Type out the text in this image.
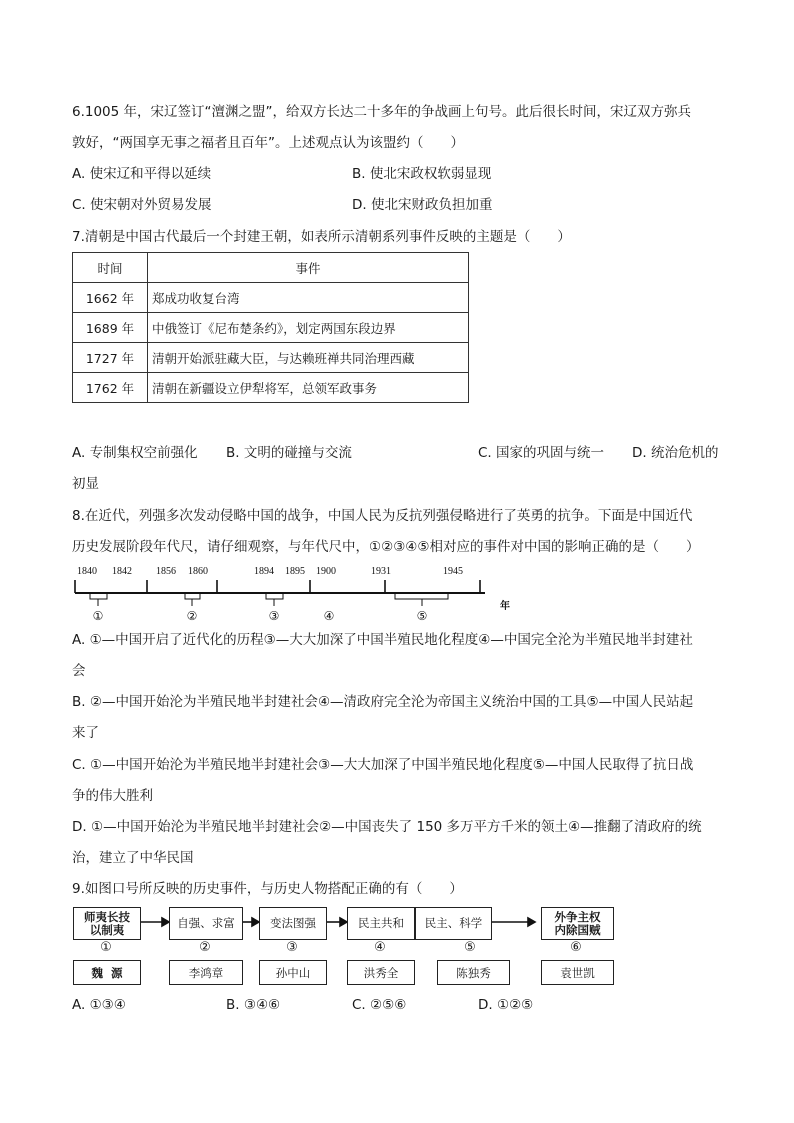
6.1005 年，宋辽签订“澶渊之盟”，给双方长达二十多年的争战画上句号。此后很长时间，宋辽双方弥兵
敦好，“两国享无事之福者且百年”。上述观点认为该盟约（　　）
A. 使宋辽和平得以延续	B. 使北宋政权软弱显现
C. 使宋朝对外贸易发展	D. 使北宋财政负担加重
7.清朝是中国古代最后一个封建王朝，如表所示清朝系列事件反映的主题是（　　）
时间	事件
1662 年	郑成功收复台湾
1689 年	中俄签订《尼布楚条约》，划定两国东段边界
1727 年	清朝开始派驻藏大臣，与达赖班禅共同治理西藏
1762 年	清朝在新疆设立伊犁将军，总领军政事务
A. 专制集权空前强化 B. 文明的碰撞与交流	C. 国家的巩固与统一 D. 统治危机的
初显
8.在近代，列强多次发动侵略中国的战争，中国人民为反抗列强侵略进行了英勇的抗争。下面是中国近代
历史发展阶段年代尺，请仔细观察，与年代尺中，①②③④⑤相对应的事件对中国的影响正确的是（　　）
1840 1842 1856 1860	1894 1895 1900	1931	1945
①	②	③	④	⑤
年
A. ①—中国开启了近代化的历程③—大大加深了中国半殖民地化程度④—中国完全沦为半殖民地半封建社
会
B. ②—中国开始沦为半殖民地半封建社会④—清政府完全沦为帝国主义统治中国的工具⑤—中国人民站起
来了
C. ①—中国开始沦为半殖民地半封建社会③—大大加深了中国半殖民地化程度⑤—中国人民取得了抗日战
争的伟大胜利
D. ①—中国开始沦为半殖民地半封建社会②—中国丧失了 150 多万平方千米的领土④—推翻了清政府的统
治，建立了中华民国
9.如图口号所反映的历史事件，与历史人物搭配正确的有（　　）
师夷长技
以制夷	自强、求富	变法图强	民主共和 民主、科学	外争主权
内除国贼
①	②	③	④	⑤	⑥
魏  源	李鸿章	孙中山	洪秀全	陈独秀	袁世凯
A. ①③④	B. ③④⑥	C. ②⑤⑥	D. ①②⑤
